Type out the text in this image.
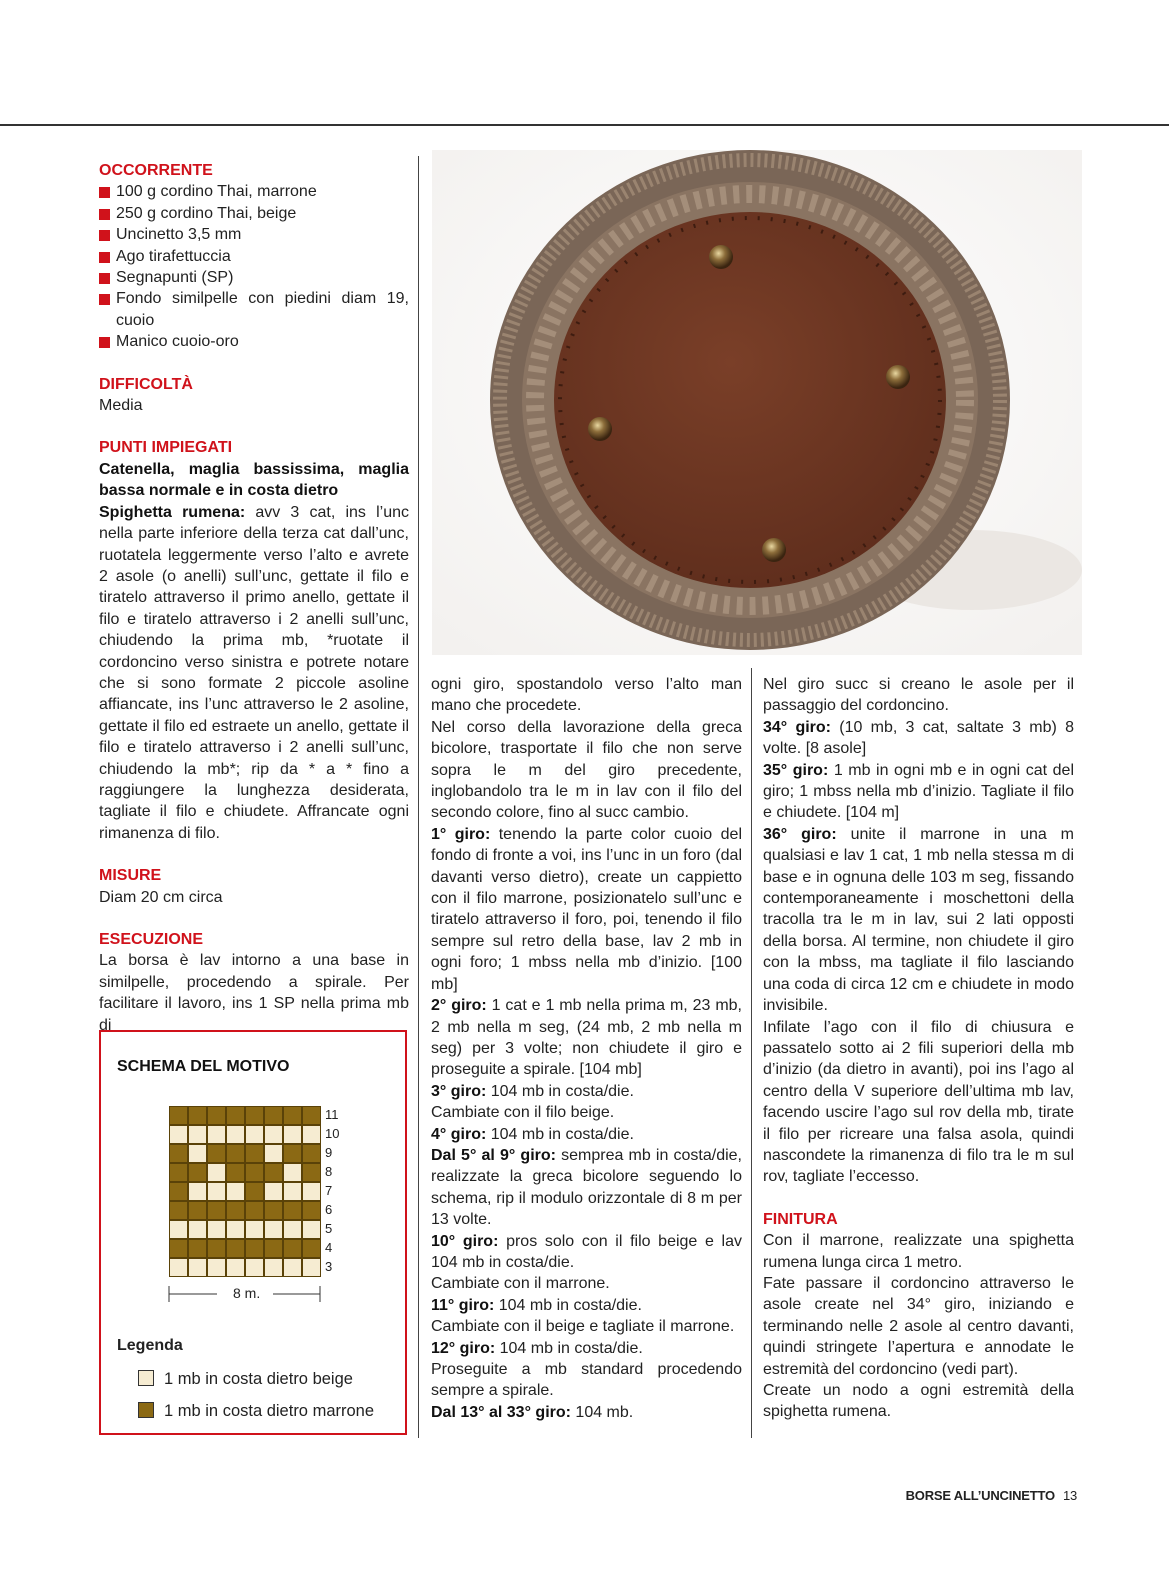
OCCORRENTE

100 g cordino Thai, marrone
250 g cordino Thai, beige
Uncinetto 3,5 mm
Ago tirafettuccia
Segnapunti (SP)
Fondo similpelle con piedini diam 19, cuoio
Manico cuoio-oro

DIFFICOLTÀ

Media

PUNTI IMPIEGATI

Catenella, maglia bassissima, maglia bassa normale e in costa dietro

Spighetta rumena: avv 3 cat, ins l’unc nella parte inferiore della terza cat dall’unc, ruotatela leggermente verso l’alto e avrete 2 asole (o anelli) sull’unc, gettate il filo e tiratelo attraverso il primo anello, gettate il filo e tiratelo attraverso i 2 anelli sull’unc, chiudendo la prima mb, *ruotate il cordoncino verso sinistra e potrete notare che si sono formate 2 piccole asoline affiancate, ins l’unc attraverso le 2 asoline, gettate il filo ed estraete un anello, gettate il filo e tiratelo attraverso i 2 anelli sull’unc, chiudendo la mb*; rip da * a * fino a raggiungere la lunghezza desiderata, tagliate il filo e chiudete. Affrancate ogni rimanenza di filo.

MISURE

Diam 20 cm circa

ESECUZIONE

La borsa è lav intorno a una base in similpelle, procedendo a spirale. Per facilitare il lavoro, ins 1 SP nella prima mb di

ogni giro, spostandolo verso l’alto man mano che procedete.

Nel corso della lavorazione della greca bicolore, trasportate il filo che non serve sopra le m del giro precedente, inglobandolo tra le m in lav con il filo del secondo colore, fino al succ cambio.

1° giro: tenendo la parte color cuoio del fondo di fronte a voi, ins l’unc in un foro (dal davanti verso dietro), create un cappietto con il filo marrone, posizionatelo sull’unc e tiratelo attraverso il foro, poi, tenendo il filo sempre sul retro della base, lav 2 mb in ogni foro; 1 mbss nella mb d’inizio. [100 mb]

2° giro: 1 cat e 1 mb nella prima m, 23 mb, 2 mb nella m seg, (24 mb, 2 mb nella m seg) per 3 volte; non chiudete il giro e proseguite a spirale. [104 mb]

3° giro: 104 mb in costa/die.

Cambiate con il filo beige.

4° giro: 104 mb in costa/die.

Dal 5° al 9° giro: semprea mb in costa/die, realizzate la greca bicolore seguendo lo schema, rip il modulo orizzontale di 8 m per 13 volte.

10° giro: pros solo con il filo beige e lav 104 mb in costa/die.

Cambiate con il marrone.

11° giro: 104 mb in costa/die.

Cambiate con il beige e tagliate il marrone.

12° giro: 104 mb in costa/die.

Proseguite a mb standard procedendo sempre a spirale.

Dal 13° al 33° giro: 104 mb.

Nel giro succ si creano le asole per il passaggio del cordoncino.

34° giro: (10 mb, 3 cat, saltate 3 mb) 8 volte. [8 asole]

35° giro: 1 mb in ogni mb e in ogni cat del giro; 1 mbss nella mb d’inizio. Tagliate il filo e chiudete. [104 m]

36° giro: unite il marrone in una m qualsiasi e lav 1 cat, 1 mb nella stessa m di base e in ognuna delle 103 m seg, fissando contemporaneamente i moschettoni della tracolla tra le m in lav, sui 2 lati opposti della borsa. Al termine, non chiudete il giro con la mbss, ma tagliate il filo lasciando una coda di circa 12 cm e chiudete in modo invisibile.

Infilate l’ago con il filo di chiusura e passatelo sotto ai 2 fili superiori della mb d’inizio (da dietro in avanti), poi ins l’ago al centro della V superiore dell’ultima mb lav, facendo uscire l’ago sul rov della mb, tirate il filo per ricreare una falsa asola, quindi nascondete la rimanenza di filo tra le m sul rov, tagliate l’eccesso.

FINITURA

Con il marrone, realizzate una spighetta rumena lunga circa 1 metro.

Fate passare il cordoncino attraverso le asole create nel 34° giro, iniziando e terminando nelle 2 asole al centro davanti, quindi stringete l’apertura e annodate le estremità del cordoncino (vedi part).

Create un nodo a ogni estremità della spighetta rumena.

SCHEMA DEL MOTIVO
11
10
9
8
7
6
5
4
3
8 m.
Legenda
1 mb in costa dietro beige
1 mb in costa dietro marrone
BORSE ALL’UNCINETTO 13
